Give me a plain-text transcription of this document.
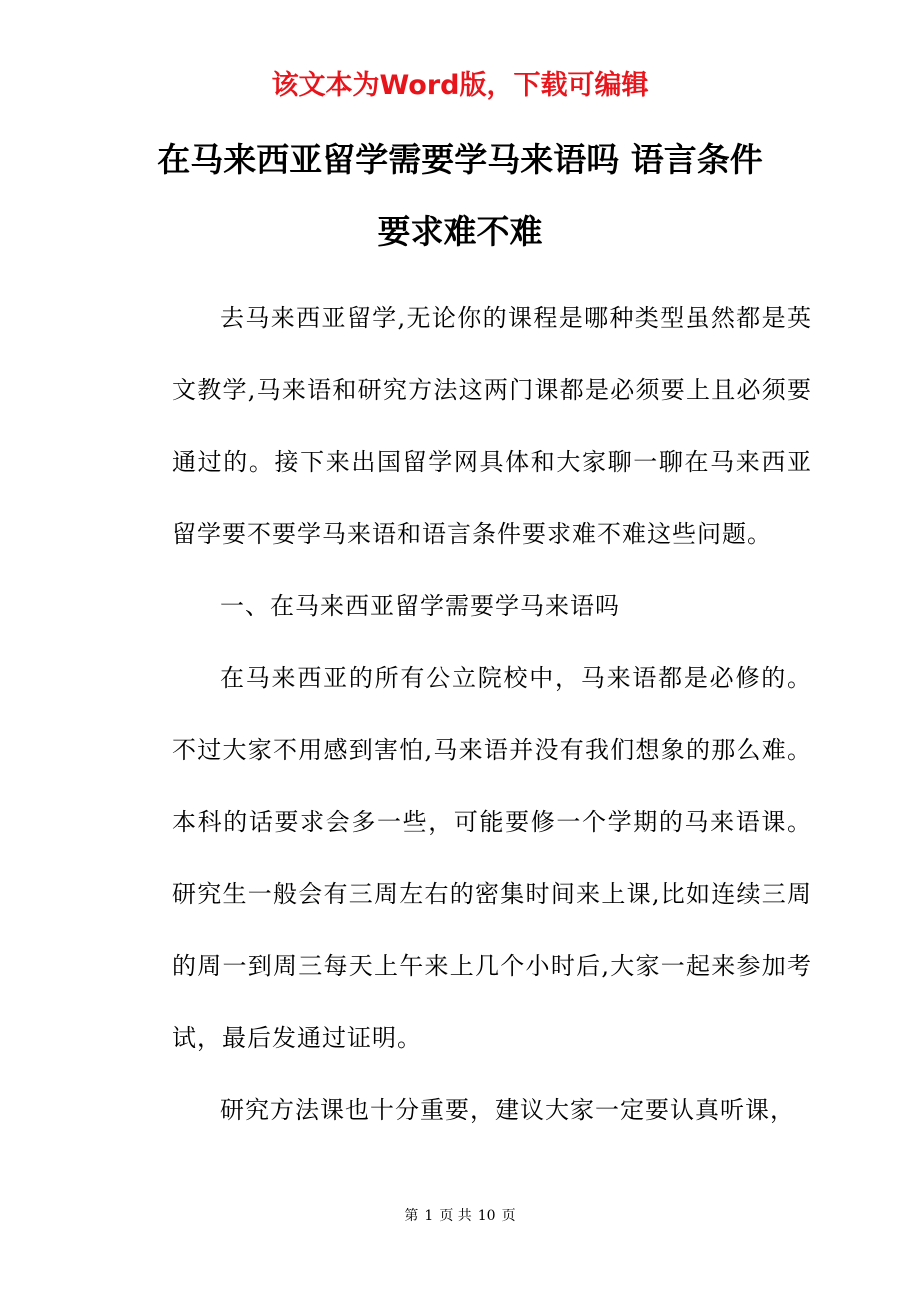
该文本为Word版，下载可编辑
在马来西亚留学需要学马来语吗 语言条件
要求难不难

去马来西亚留学,无论你的课程是哪种类型虽然都是英文教学,马来语和研究方法这两门课都是必须要上且必须要通过的。接下来出国留学网具体和大家聊一聊在马来西亚留学要不要学马来语和语言条件要求难不难这些问题。

一、在马来西亚留学需要学马来语吗

在马来西亚的所有公立院校中，马来语都是必修的。不过大家不用感到害怕,马来语并没有我们想象的那么难。本科的话要求会多一些，可能要修一个学期的马来语课。研究生一般会有三周左右的密集时间来上课,比如连续三周的周一到周三每天上午来上几个小时后,大家一起来参加考试，最后发通过证明。

研究方法课也十分重要，建议大家一定要认真听课，

第 1 页 共 10 页
